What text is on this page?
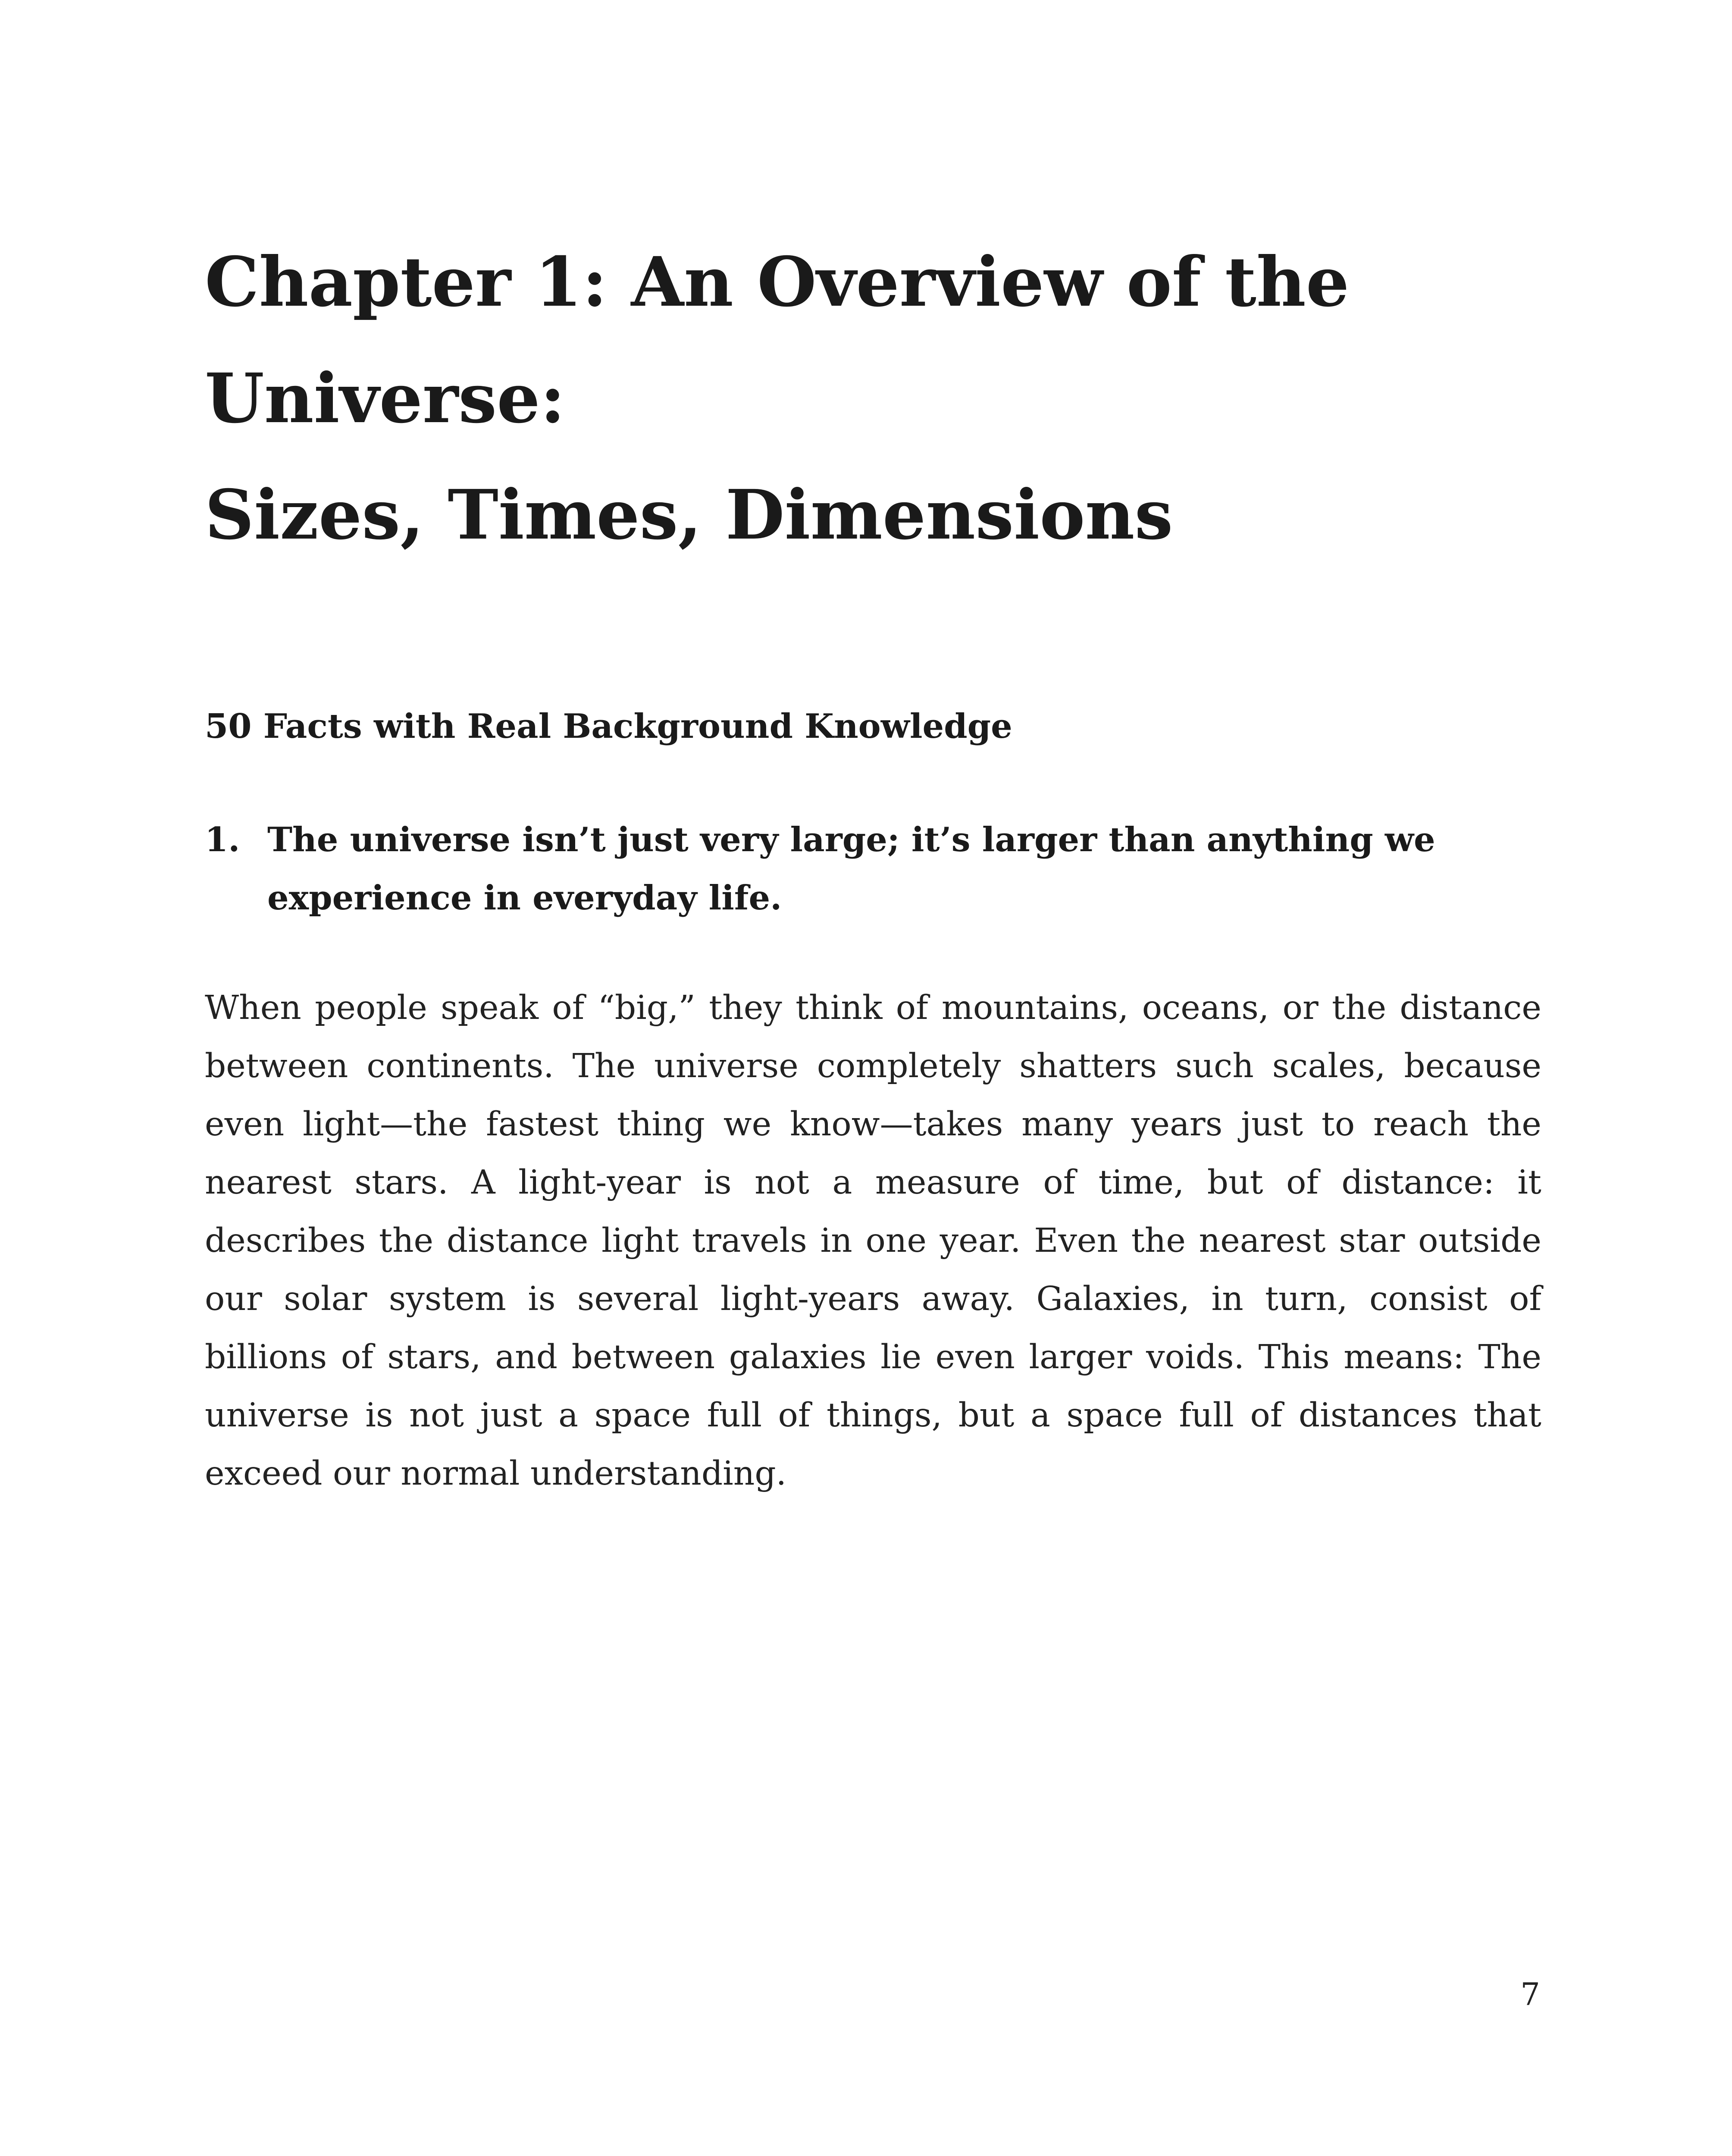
Chapter 1: An Overview of the Universe:
Sizes, Times, Dimensions
50 Facts with Real Background Knowledge
1. The universe isn’t just very large; it’s larger than anything we experience in everyday life.

When people speak of “big,” they think of mountains, oceans, or the distance between continents. The universe completely shatters such scales, because even light—the fastest thing we know—takes many years just to reach the nearest stars. A light-year is not a measure of time, but of distance: it describes the distance light travels in one year. Even the nearest star outside our solar system is several light-years away. Galaxies, in turn, consist of billions of stars, and between galaxies lie even larger voids. This means: The universe is not just a space full of things, but a space full of distances that exceed our normal understanding.

7
